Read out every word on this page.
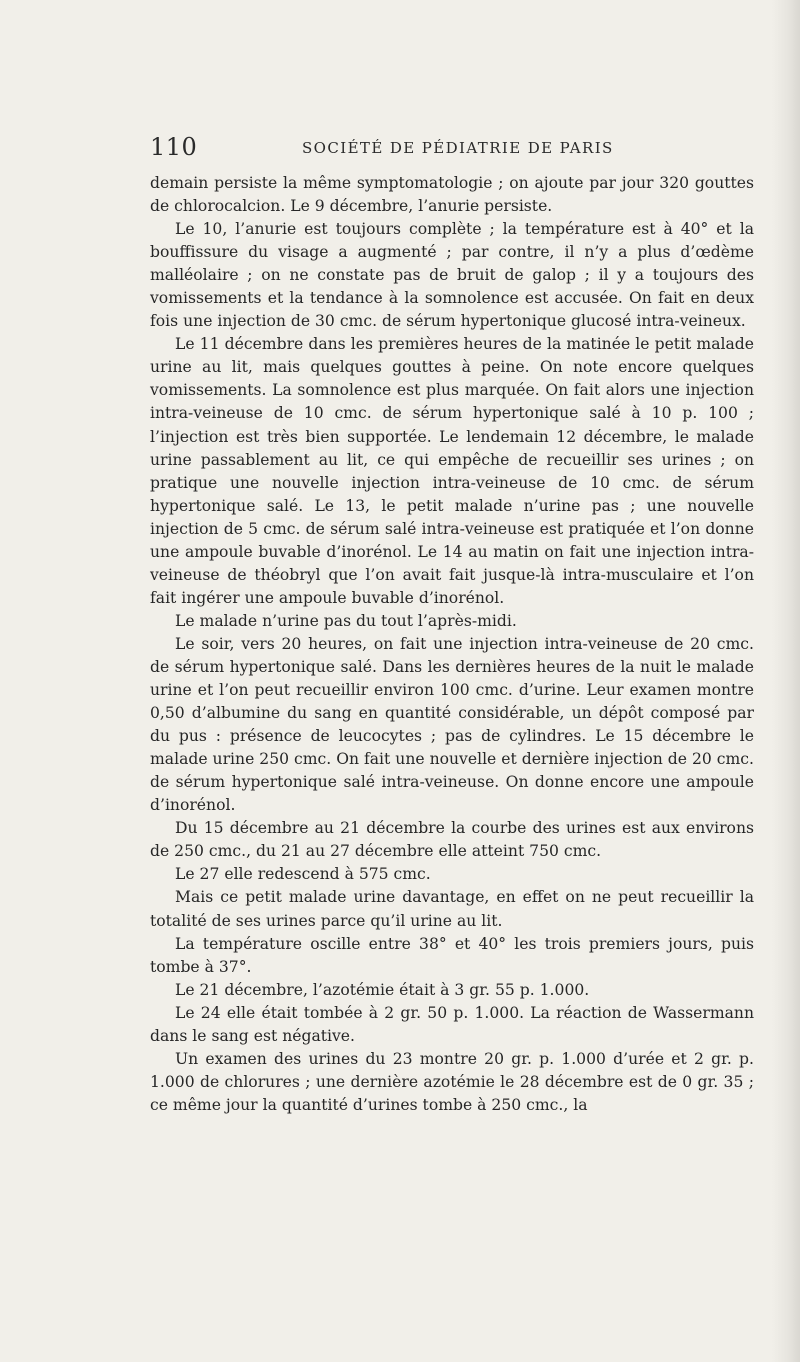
110	SOCIÉTÉ DE PÉDIATRIE DE PARIS

demain persiste la même symptomatologie ; on ajoute par jour 320 gouttes de chlorocalcion. Le 9 décembre, l’anurie persiste.

Le 10, l’anurie est toujours complète ; la température est à 40° et la bouffissure du visage a augmenté ; par contre, il n’y a plus d’œdème malléolaire ; on ne constate pas de bruit de galop ; il y a toujours des vomissements et la tendance à la somnolence est accusée. On fait en deux fois une injection de 30 cmc. de sérum hypertonique glucosé intra-veineux.

Le 11 décembre dans les premières heures de la matinée le petit malade urine au lit, mais quelques gouttes à peine. On note encore quelques vomissements. La somnolence est plus marquée. On fait alors une injection intra-veineuse de 10 cmc. de sérum hypertonique salé à 10 p. 100 ; l’injection est très bien supportée. Le lendemain 12 décembre, le malade urine passablement au lit, ce qui empêche de recueillir ses urines ; on pratique une nouvelle injection intra-veineuse de 10 cmc. de sérum hypertonique salé. Le 13, le petit malade n’urine pas ; une nouvelle injection de 5 cmc. de sérum salé intra-veineuse est pratiquée et l’on donne une ampoule buvable d’inorénol. Le 14 au matin on fait une injection intra-veineuse de théobryl que l’on avait fait jusque-là intra-musculaire et l’on fait ingérer une ampoule buvable d’inorénol.

Le malade n’urine pas du tout l’après-midi.

Le soir, vers 20 heures, on fait une injection intra-veineuse de 20 cmc. de sérum hypertonique salé. Dans les dernières heures de la nuit le malade urine et l’on peut recueillir environ 100 cmc. d’urine. Leur examen montre 0,50 d’albumine du sang en quantité considérable, un dépôt composé par du pus : présence de leucocytes ; pas de cylindres. Le 15 décembre le malade urine 250 cmc. On fait une nouvelle et dernière injection de 20 cmc. de sérum hypertonique salé intra-veineuse. On donne encore une ampoule d’inorénol.

Du 15 décembre au 21 décembre la courbe des urines est aux environs de 250 cmc., du 21 au 27 décembre elle atteint 750 cmc.

Le 27 elle redescend à 575 cmc.

Mais ce petit malade urine davantage, en effet on ne peut recueillir la totalité de ses urines parce qu’il urine au lit.

La température oscille entre 38° et 40° les trois premiers jours, puis tombe à 37°.

Le 21 décembre, l’azotémie était à 3 gr. 55 p. 1.000.

Le 24 elle était tombée à 2 gr. 50 p. 1.000. La réaction de Wassermann dans le sang est négative.

Un examen des urines du 23 montre 20 gr. p. 1.000 d’urée et 2 gr. p. 1.000 de chlorures ; une dernière azotémie le 28 décembre est de 0 gr. 35 ; ce même jour la quantité d’urines tombe à 250 cmc., la
